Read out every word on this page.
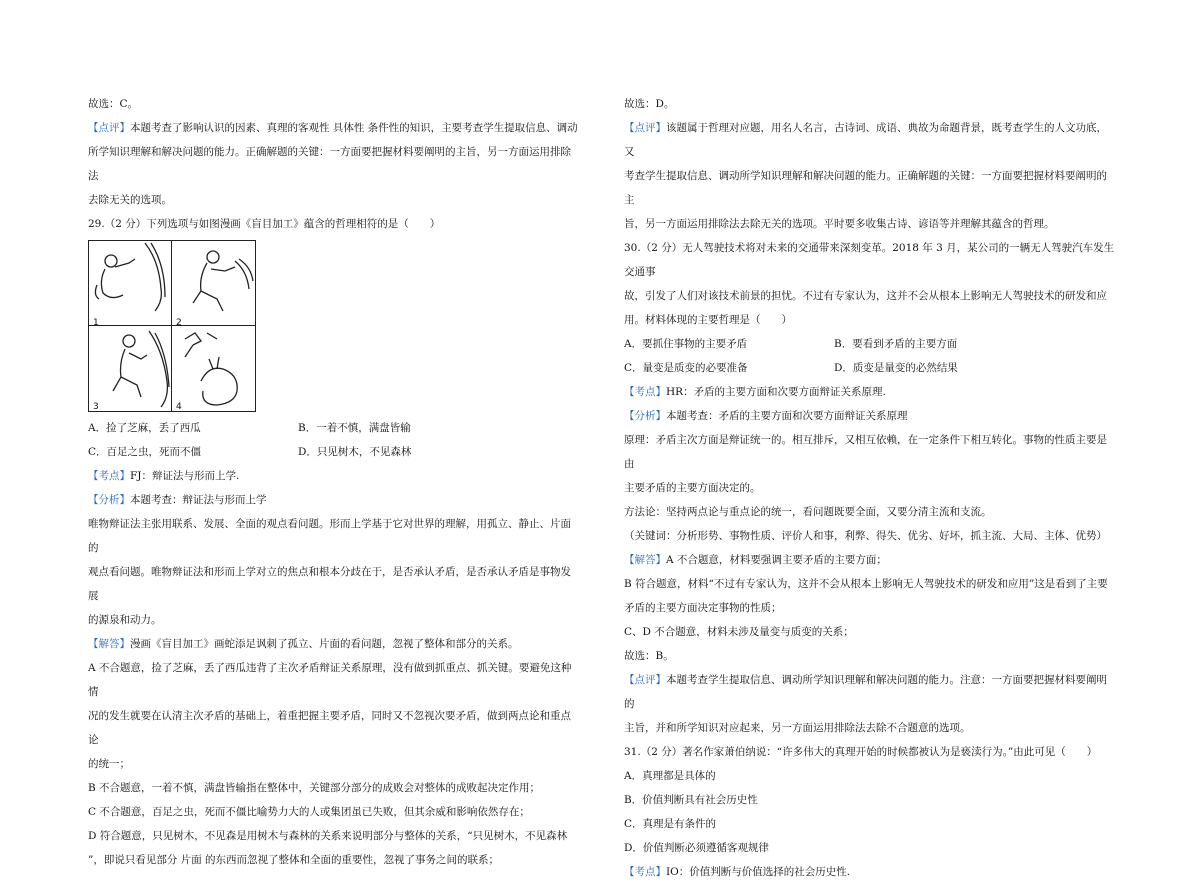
故选：C。

【点评】本题考查了影响认识的因素、真理的客观性 具体性 条件性的知识，主要考查学生提取信息、调动

所学知识理解和解决问题的能力。正确解题的关键：一方面要把握材料要阐明的主旨，另一方面运用排除法

去除无关的选项。

29.（2 分）下列选项与如图漫画《盲目加工》蕴含的哲理相符的是（　　）

1	2
3	4
A．捡了芝麻，丢了西瓜	B．一着不慎，满盘皆输
C．百足之虫，死而不僵	D．只见树木，不见森林

【考点】FJ：辩证法与形而上学.

【分析】本题考查：辩证法与形而上学

唯物辩证法主张用联系、发展、全面的观点看问题。形而上学基于它对世界的理解，用孤立、静止、片面的

观点看问题。唯物辩证法和形而上学对立的焦点和根本分歧在于，是否承认矛盾，是否承认矛盾是事物发展

的源泉和动力。

【解答】漫画《盲目加工》画蛇添足讽刺了孤立、片面的看问题，忽视了整体和部分的关系。

A 不合题意，捡了芝麻，丢了西瓜违背了主次矛盾辩证关系原理，没有做到抓重点、抓关键。要避免这种情

况的发生就要在认清主次矛盾的基础上，着重把握主要矛盾，同时又不忽视次要矛盾，做到两点论和重点论

的统一；

B 不合题意，一着不慎，满盘皆输指在整体中，关键部分部分的成败会对整体的成败起决定作用；

C 不合题意，百足之虫，死而不僵比喻势力大的人或集团虽已失败，但其余威和影响依然存在；

D 符合题意，只见树木，不见森是用树木与森林的关系来说明部分与整体的关系，“只见树木，不见森林

”，即说只看见部分 片面 的东西而忽视了整体和全面的重要性，忽视了事务之间的联系；

故选：D。

【点评】该题属于哲理对应题，用名人名言，古诗词、成语、典故为命题背景，既考查学生的人文功底，又

考查学生提取信息、调动所学知识理解和解决问题的能力。正确解题的关键：一方面要把握材料要阐明的主

旨，另一方面运用排除法去除无关的选项。平时要多收集古诗、谚语等并理解其蕴含的哲理。

30.（2 分）无人驾驶技术将对未来的交通带来深刻变革。2018 年 3 月，某公司的一辆无人驾驶汽车发生交通事

故，引发了人们对该技术前景的担忧。不过有专家认为，这并不会从根本上影响无人驾驶技术的研发和应

用。材料体现的主要哲理是（　　）

A．要抓住事物的主要矛盾	B．要看到矛盾的主要方面
C．量变是质变的必要准备	D．质变是量变的必然结果

【考点】HR：矛盾的主要方面和次要方面辩证关系原理.

【分析】本题考查：矛盾的主要方面和次要方面辩证关系原理

原理：矛盾主次方面是辩证统一的。相互排斥，又相互依赖，在一定条件下相互转化。事物的性质主要是由

主要矛盾的主要方面决定的。

方法论：坚持两点论与重点论的统一，看问题既要全面，又要分清主流和支流。

（关键词：分析形势、事物性质、评价人和事，利弊、得失、优劣、好坏，抓主流、大局、主体、优势）

【解答】A 不合题意，材料要强调主要矛盾的主要方面；

B 符合题意，材料“不过有专家认为，这并不会从根本上影响无人驾驶技术的研发和应用”这是看到了主要

矛盾的主要方面决定事物的性质；

C、D 不合题意，材料未涉及量变与质变的关系；

故选：B。

【点评】本题考查学生提取信息、调动所学知识理解和解决问题的能力。注意：一方面要把握材料要阐明的

主旨，并和所学知识对应起来，另一方面运用排除法去除不合题意的选项。

31.（2 分）著名作家萧伯纳说：“许多伟大的真理开始的时候都被认为是亵渎行为。”由此可见（　　）

A．真理都是具体的

B．价值判断具有社会历史性

C．真理是有条件的

D．价值判断必须遵循客观规律

【考点】IO：价值判断与价值选择的社会历史性.
